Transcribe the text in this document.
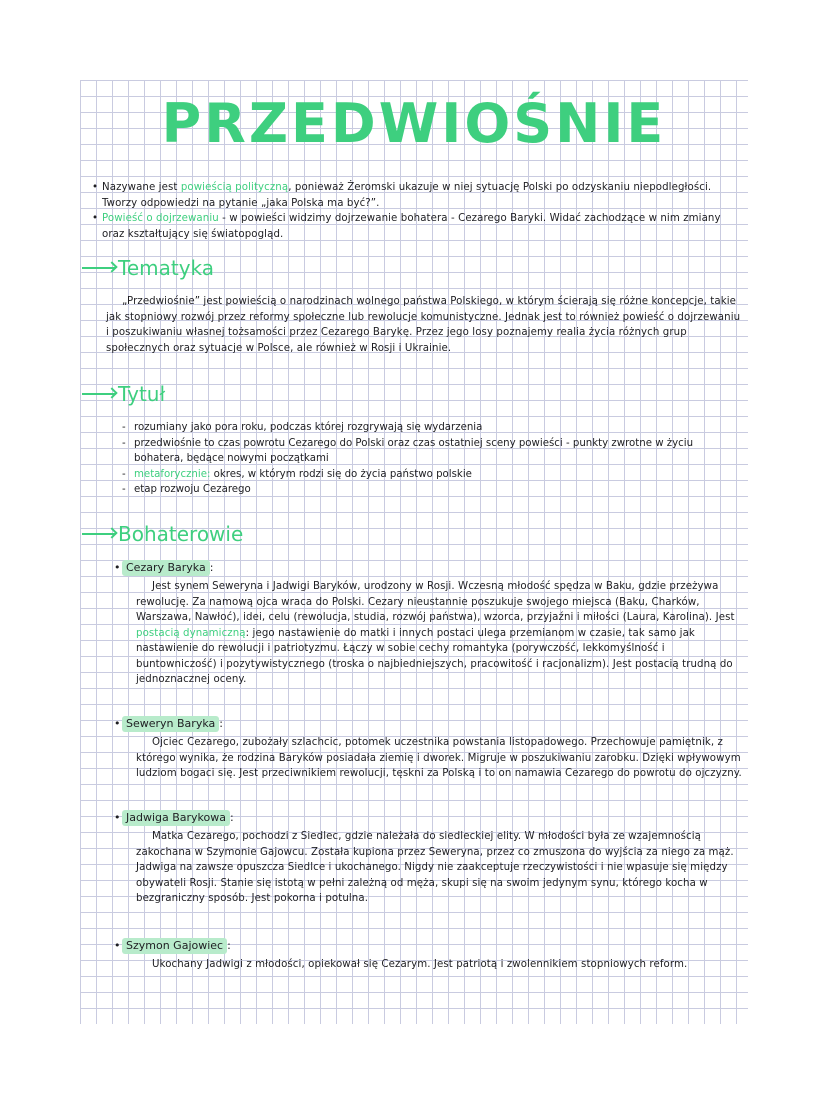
PRZEDWIOŚNIE
• Nazywane jest powieścią polityczną, ponieważ Żeromski ukazuje w niej sytuację Polski po odzyskaniu niepodległości. Tworzy odpowiedzi na pytanie „jaka Polska ma być?”.
• Powieść o dojrzewaniu - w powieści widzimy dojrzewanie bohatera - Cezarego Baryki. Widać zachodzące w nim zmiany oraz kształtujący się światopogląd.
Tematyka
„Przedwiośnie” jest powieścią o narodzinach wolnego państwa Polskiego, w którym ścierają się różne koncepcje, takie jak stopniowy rozwój przez reformy społeczne lub rewolucje komunistyczne. Jednak jest to również powieść o dojrzewaniu i poszukiwaniu własnej tożsamości przez Cezarego Barykę. Przez jego losy poznajemy realia życia różnych grup społecznych oraz sytuacje w Polsce, ale również w Rosji i Ukrainie.
Tytuł
- rozumiany jako pora roku, podczas której rozgrywają się wydarzenia
- przedwiośnie to czas powrotu Cezarego do Polski oraz czas ostatniej sceny powieści - punkty zwrotne w życiu bohatera, będące nowymi początkami
- metaforycznie: okres, w którym rodzi się do życia państwo polskie
- etap rozwoju Cezarego
Bohaterowie
• Cezary Baryka :
Jest synem Seweryna i Jadwigi Baryków, urodzony w Rosji. Wczesną młodość spędza w Baku, gdzie przeżywa rewolucję. Za namową ojca wraca do Polski. Cezary nieustannie poszukuje swojego miejsca (Baku, Charków, Warszawa, Nawłoć), idei, celu (rewolucja, studia, rozwój państwa), wzorca, przyjaźni i miłości (Laura, Karolina). Jest postacią dynamiczną: jego nastawienie do matki i innych postaci ulega przemianom w czasie, tak samo jak nastawienie do rewolucji i patriotyzmu. Łączy w sobie cechy romantyka (porywczość, lekkomyślność i buntowniczość) i pozytywistycznego (troska o najbiedniejszych, pracowitość i racjonalizm). Jest postacią trudną do jednoznacznej oceny.
• Seweryn Baryka :
Ojciec Cezarego, zubożały szlachcic, potomek uczestnika powstania listopadowego. Przechowuje pamiętnik, z którego wynika, że rodzina Baryków posiadała ziemię i dworek. Migruje w poszukiwaniu zarobku. Dzięki wpływowym ludziom bogaci się. Jest przeciwnikiem rewolucji, tęskni za Polską i to on namawia Cezarego do powrotu do ojczyzny.
• Jadwiga Barykowa :
Matka Cezarego, pochodzi z Siedlec, gdzie należała do siedleckiej elity. W młodości była ze wzajemnością zakochana w Szymonie Gajowcu. Została kupiona przez Seweryna, przez co zmuszona do wyjścia za niego za mąż. Jadwiga na zawsze opuszcza Siedlce i ukochanego. Nigdy nie zaakceptuje rzeczywistości i nie wpasuje się między obywateli Rosji. Stanie się istotą w pełni zależną od męża, skupi się na swoim jedynym synu, którego kocha w bezgraniczny sposób. Jest pokorna i potulna.
• Szymon Gajowiec :
Ukochany Jadwigi z młodości, opiekował się Cezarym. Jest patriotą i zwolennikiem stopniowych reform.
